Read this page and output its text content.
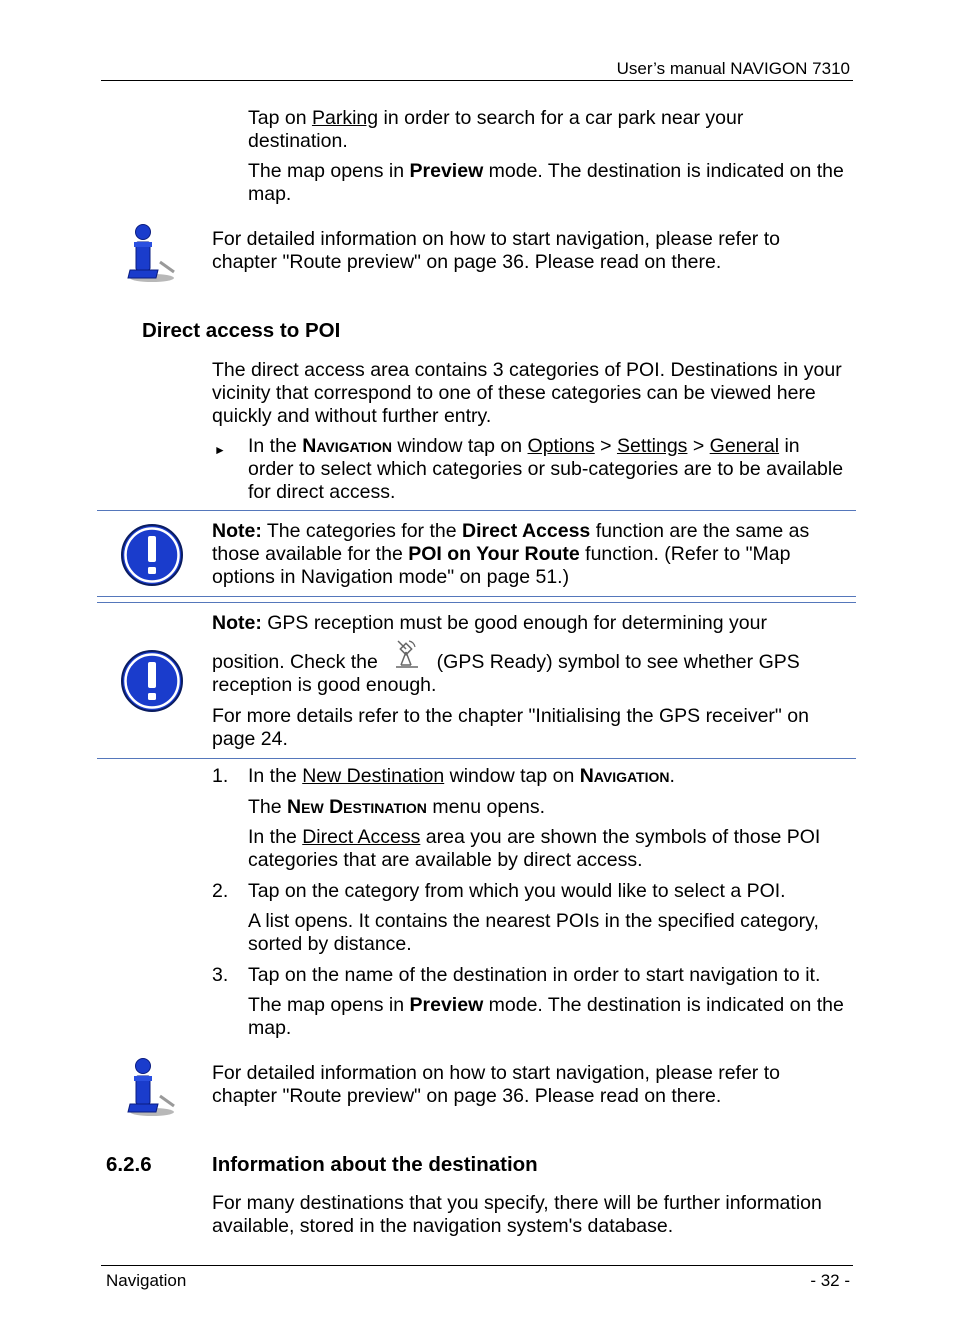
User’s manual NAVIGON 7310

Tap on Parking in order to search for a car park near your destination.

The map opens in Preview mode. The destination is indicated on the map.

For detailed information on how to start navigation, please refer to chapter "Route preview" on page 36. Please read on there.

Direct access to POI

The direct access area contains 3 categories of POI. Destinations in your vicinity that correspond to one of these categories can be viewed here quickly and without further entry.

► In the Navigation window tap on Options > Settings > General in order to select which categories or sub-categories are to be available for direct access.

Note: The categories for the Direct Access function are the same as those available for the POI on Your Route function. (Refer to "Map options in Navigation mode" on page 51.)

Note: GPS reception must be good enough for determining your

position. Check the  (GPS Ready) symbol to see whether GPS reception is good enough.

For more details refer to the chapter "Initialising the GPS receiver" on page 24.

1. In the New Destination window tap on Navigation.

The New Destination menu opens.

In the Direct Access area you are shown the symbols of those POI categories that are available by direct access.

2. Tap on the category from which you would like to select a POI.

A list opens. It contains the nearest POIs in the specified category, sorted by distance.

3. Tap on the name of the destination in order to start navigation to it.

The map opens in Preview mode. The destination is indicated on the map.

For detailed information on how to start navigation, please refer to chapter "Route preview" on page 36. Please read on there.

6.2.6	Information about the destination

For many destinations that you specify, there will be further information available, stored in the navigation system's database.

Navigation	- 32 -
